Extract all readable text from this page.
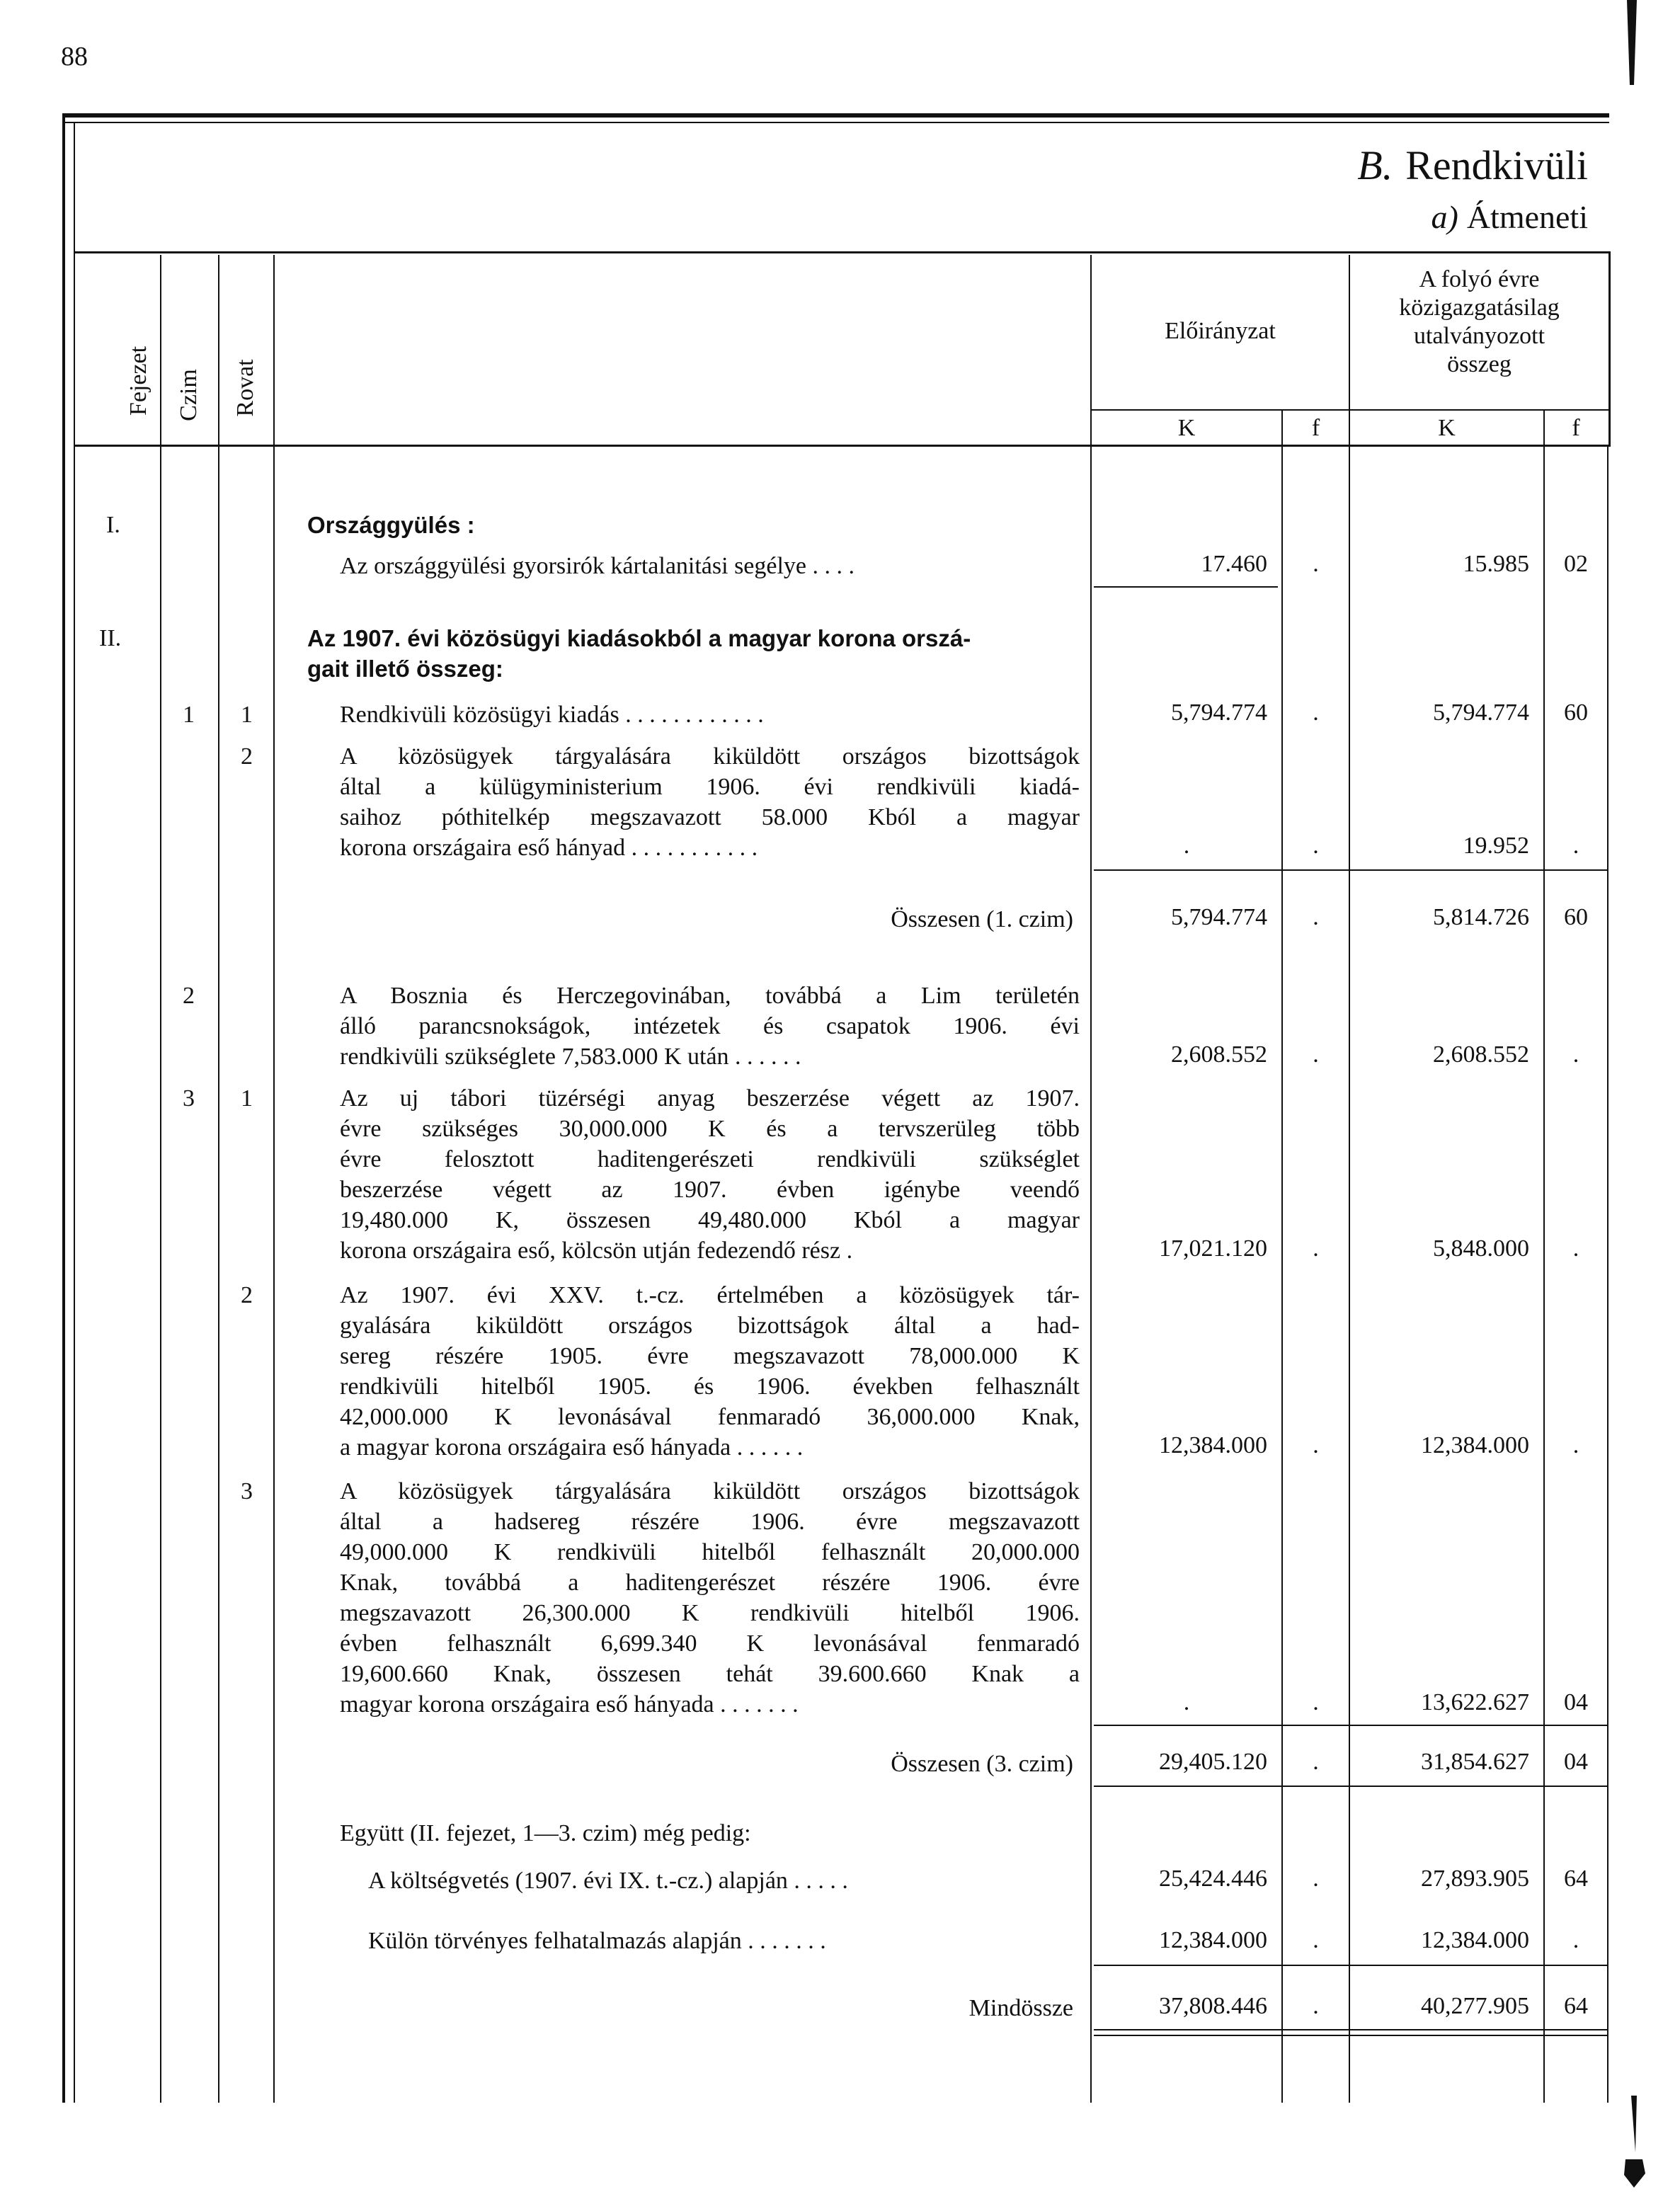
88
B. Rendkivüli
a) Átmeneti
Fejezet Czim Rovat
Előirányzat
A folyó évre
közigazgatásilag
utalványozott
összeg
K	f	K	f
I.	Országgyülés :
Az országgyülési gyorsirók kártalanitási segélye . . . .	17.460	.	15.985	02
II.	Az 1907. évi közösügyi kiadásokból a magyar korona orszá-
gait illető összeg:
1 1	Rendkivüli közösügyi kiadás . . . . . . . . . . . .	5,794.774	.	5,794.774	60
2	A közösügyek tárgyalására kiküldött országos bizottságok
által a külügyministerium 1906. évi rendkivüli kiadá-
saihoz póthitelkép megszavazott 58.000 Kból a magyar
korona országaira eső hányad . . . . . . . . . . .	.	.	19.952	.
Összesen (1. czim)	5,794.774	.	5,814.726	60
2	A Bosznia és Herczegovinában, továbbá a Lim területén
álló parancsnokságok, intézetek és csapatok 1906. évi
rendkivüli szükséglete 7,583.000 K után . . . . . .	2,608.552	.	2,608.552	.
3 1	Az uj tábori tüzérségi anyag beszerzése végett az 1907.
évre szükséges 30,000.000 K és a tervszerüleg több
évre felosztott haditengerészeti rendkivüli szükséglet
beszerzése végett az 1907. évben igénybe veendő
19,480.000 K, összesen 49,480.000 Kból a magyar
korona országaira eső, kölcsön utján fedezendő rész .	17,021.120	.	5,848.000	.
2	Az 1907. évi XXV. t.-cz. értelmében a közösügyek tár-
gyalására kiküldött országos bizottságok által a had-
sereg részére 1905. évre megszavazott 78,000.000 K
rendkivüli hitelből 1905. és 1906. években felhasznált
42,000.000 K levonásával fenmaradó 36,000.000 Knak,
a magyar korona országaira eső hányada . . . . . .	12,384.000	.	12,384.000	.
3	A közösügyek tárgyalására kiküldött országos bizottságok
által a hadsereg részére 1906. évre megszavazott
49,000.000 K rendkivüli hitelből felhasznált 20,000.000
Knak, továbbá a haditengerészet részére 1906. évre
megszavazott 26,300.000 K rendkivüli hitelből 1906.
évben felhasznált 6,699.340 K levonásával fenmaradó
19,600.660 Knak, összesen tehát 39.600.660 Knak a
magyar korona országaira eső hányada . . . . . . .	.	.	13,622.627	04
Összesen (3. czim)	29,405.120	.	31,854.627	04
Együtt (II. fejezet, 1—3. czim) még pedig:
A költségvetés (1907. évi IX. t.-cz.) alapján . . . . .	25,424.446	.	27,893.905	64
Külön törvényes felhatalmazás alapján . . . . . . .	12,384.000	.	12,384.000	.
Mindössze	37,808.446	.	40,277.905	64
